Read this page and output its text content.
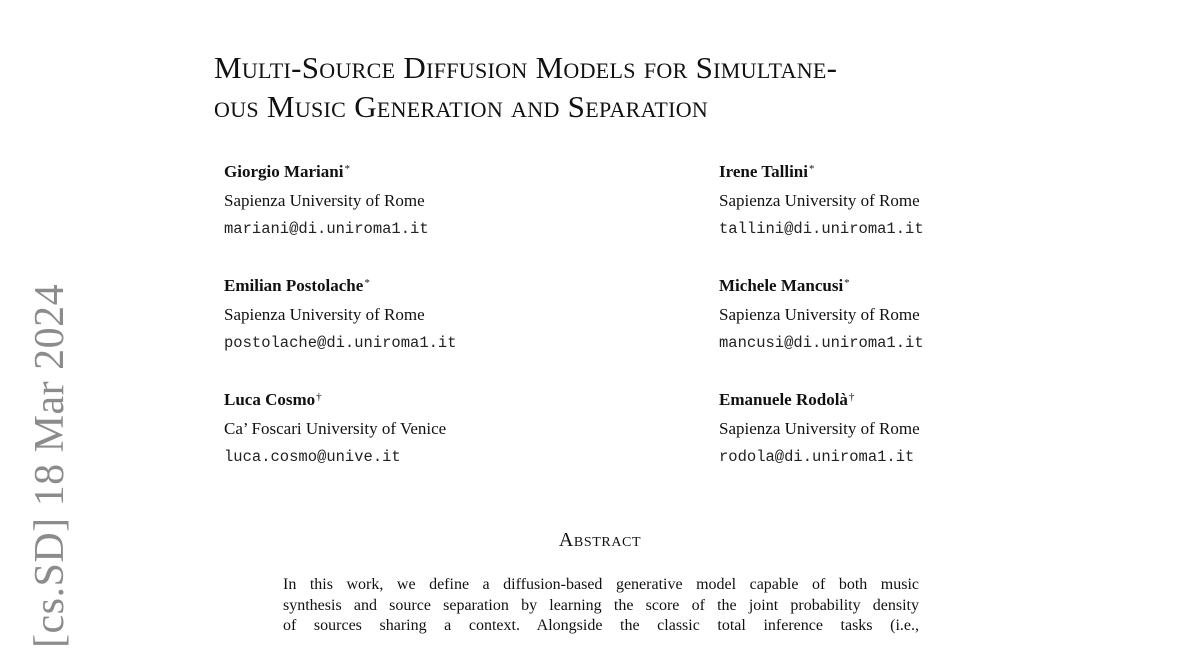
[cs.SD] 18 Mar 2024
Multi-Source Diffusion Models for Simultane-
ous Music Generation and Separation
Giorgio Mariani*
Sapienza University of Rome
mariani@di.uniroma1.it
Irene Tallini*
Sapienza University of Rome
tallini@di.uniroma1.it
Emilian Postolache*
Sapienza University of Rome
postolache@di.uniroma1.it
Michele Mancusi*
Sapienza University of Rome
mancusi@di.uniroma1.it
Luca Cosmo†
Ca’ Foscari University of Venice
luca.cosmo@unive.it
Emanuele Rodolà†
Sapienza University of Rome
rodola@di.uniroma1.it
Abstract
In this work, we define a diffusion-based generative model capable of both music
synthesis and source separation by learning the score of the joint probability density
of sources sharing a context. Alongside the classic total inference tasks (i.e.,
